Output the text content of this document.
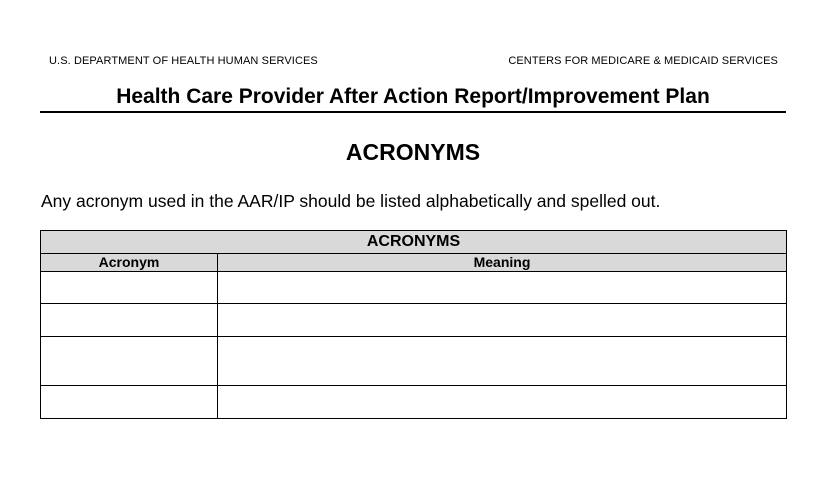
U.S. DEPARTMENT OF HEALTH HUMAN SERVICES	CENTERS FOR MEDICARE & MEDICAID SERVICES
Health Care Provider After Action Report/Improvement Plan
ACRONYMS
Any acronym used in the AAR/IP should be listed alphabetically and spelled out.
ACRONYMS	
Acronym	Meaning
